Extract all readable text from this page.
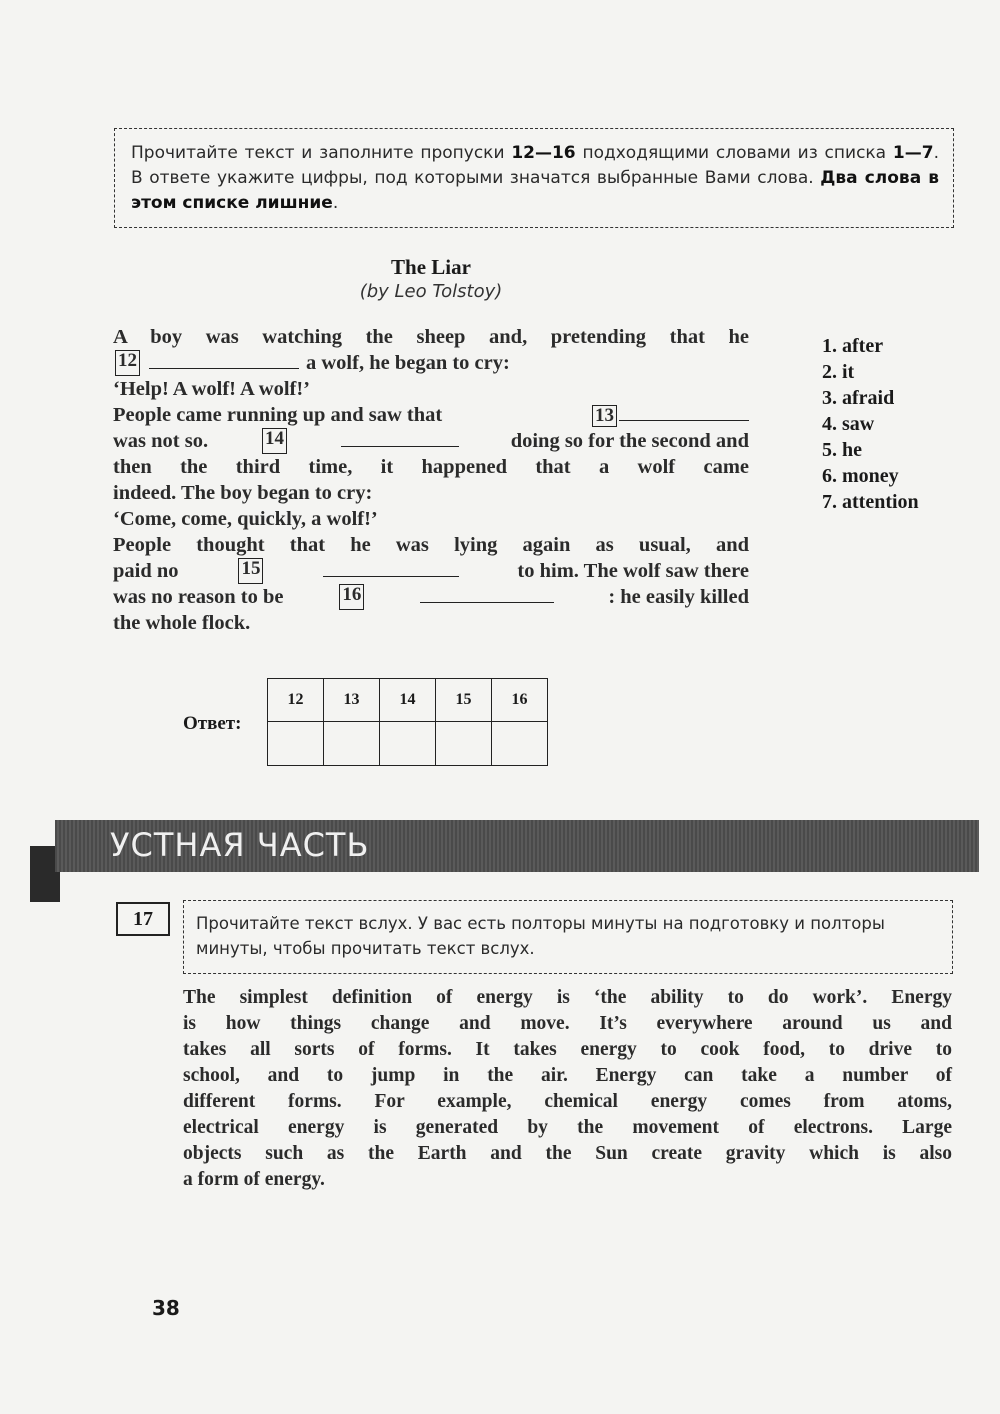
Прочитайте текст и заполните пропуски 12—16 подходящими словами из списка 1—7. В ответе укажите цифры, под которыми значатся выбранные Вами слова. Два слова в этом списке лишние.
The Liar
(by Leo Tolstoy)
A boy was watching the sheep and, pretending that he
12	a wolf, he began to cry:
‘Help! A wolf! A wolf!’
People came running up and saw that	13
was not so.	14	doing so for the second and
then the third time, it happened that a wolf came
indeed. The boy began to cry:
‘Come, come, quickly, a wolf!’
People thought that he was lying again as usual, and
paid no	15	to him. The wolf saw there
was no reason to be	16	: he easily killed
the whole flock.
1. after
2. it
3. afraid
4. saw
5. he
6. money
7. attention
Ответ:
12	13	14	15	16

УСТНАЯ ЧАСТЬ
17	Прочитайте текст вслух. У вас есть полторы минуты на подготовку и полторы минуты, чтобы прочитать текст вслух.
The simplest definition of energy is ‘the ability to do work’. Energy
is how things change and move. It’s everywhere around us and
takes all sorts of forms. It takes energy to cook food, to drive to
school, and to jump in the air. Energy can take a number of
different forms. For example, chemical energy comes from atoms,
electrical energy is generated by the movement of electrons. Large
objects such as the Earth and the Sun create gravity which is also
a form of energy.
38
